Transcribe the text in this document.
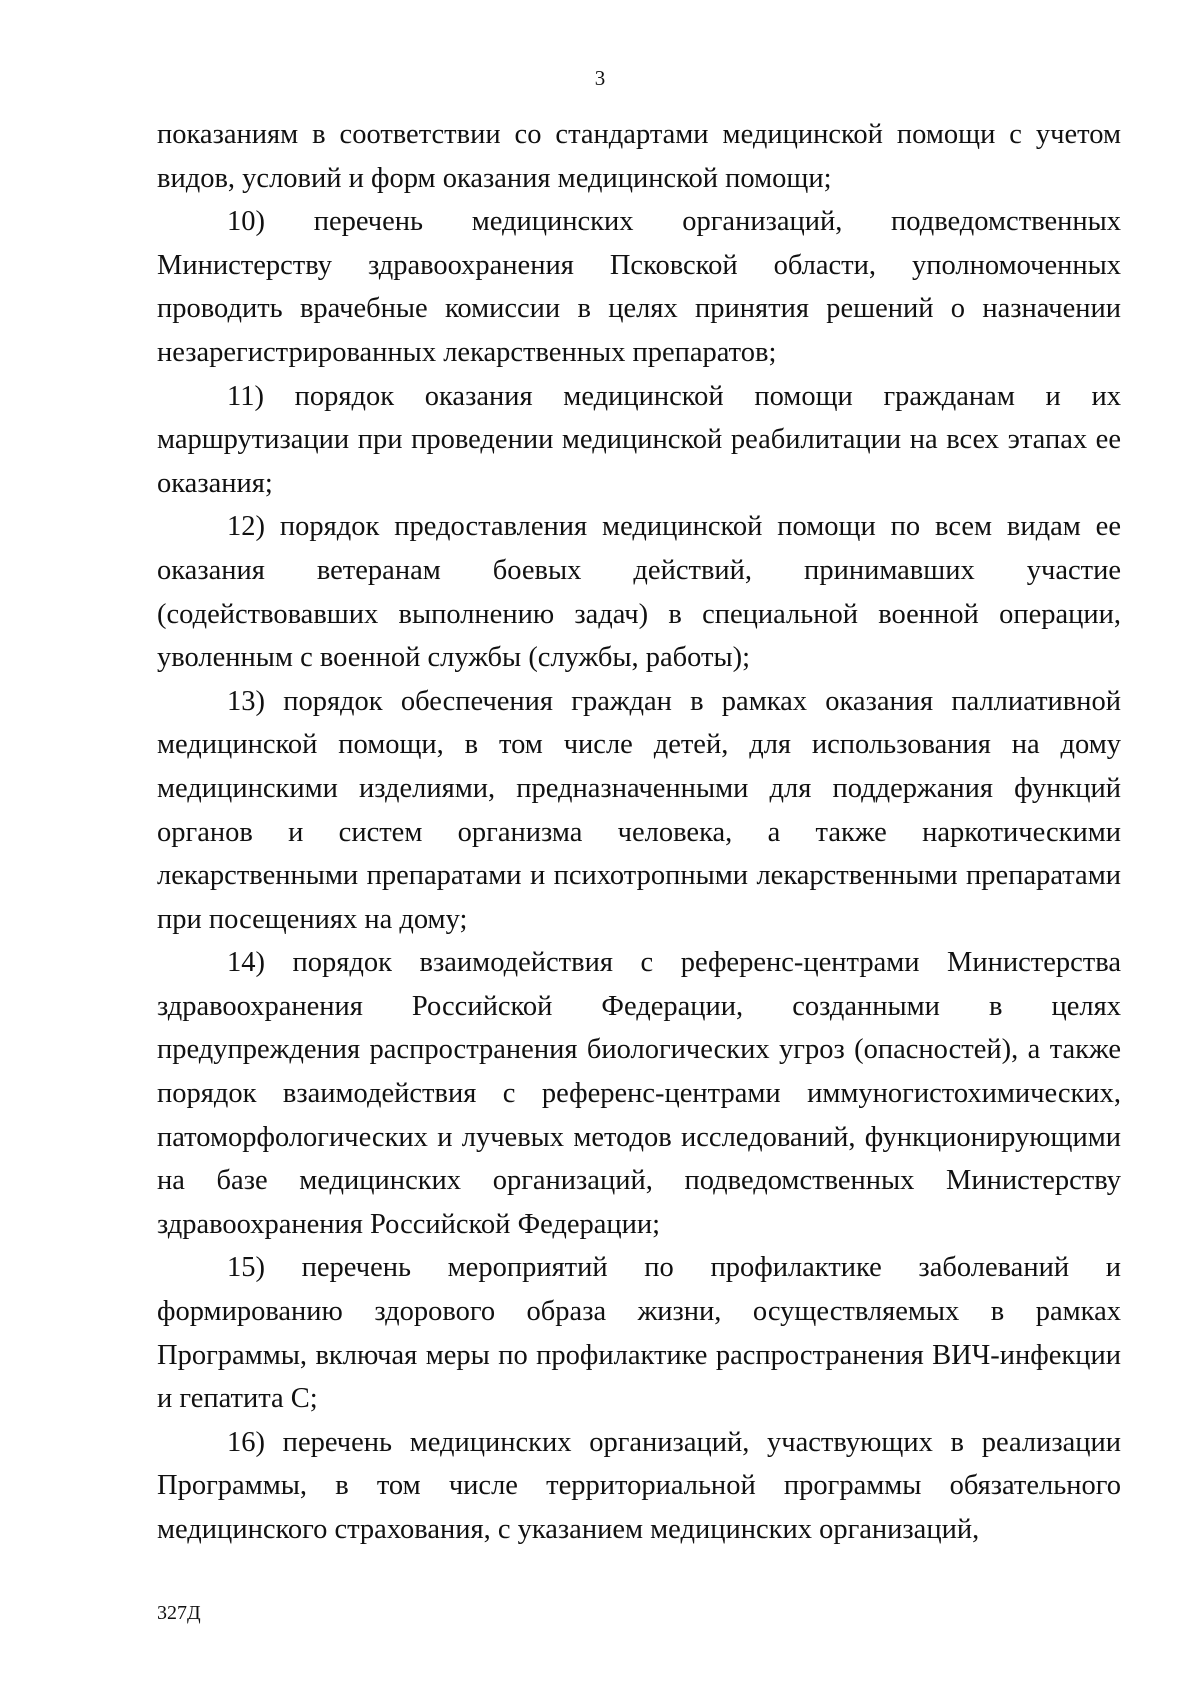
3

показаниям в соответствии со стандартами медицинской помощи с учетом видов, условий и форм оказания медицинской помощи;

10) перечень медицинских организаций, подведомственных Министерству здравоохранения Псковской области, уполномоченных проводить врачебные комиссии в целях принятия решений о назначении незарегистрированных лекарственных препаратов;

11) порядок оказания медицинской помощи гражданам и их маршрутизации при проведении медицинской реабилитации на всех этапах ее оказания;

12) порядок предоставления медицинской помощи по всем видам ее оказания ветеранам боевых действий, принимавших участие (содействовавших выполнению задач) в специальной военной операции, уволенным с военной службы (службы, работы);

13) порядок обеспечения граждан в рамках оказания паллиативной медицинской помощи, в том числе детей, для использования на дому медицинскими изделиями, предназначенными для поддержания функций органов и систем организма человека, а также наркотическими лекарственными препаратами и психотропными лекарственными препаратами при посещениях на дому;

14) порядок взаимодействия с референс-центрами Министерства здравоохранения Российской Федерации, созданными в целях предупреждения распространения биологических угроз (опасностей), а также порядок взаимодействия с референс-центрами иммуногистохимических, патоморфологических и лучевых методов исследований, функционирующими на базе медицинских организаций, подведомственных Министерству здравоохранения Российской Федерации;

15) перечень мероприятий по профилактике заболеваний и формированию здорового образа жизни, осуществляемых в рамках Программы, включая меры по профилактике распространения ВИЧ-инфекции и гепатита С;

16) перечень медицинских организаций, участвующих в реализации Программы, в том числе территориальной программы обязательного медицинского страхования, с указанием медицинских организаций,

327Д
